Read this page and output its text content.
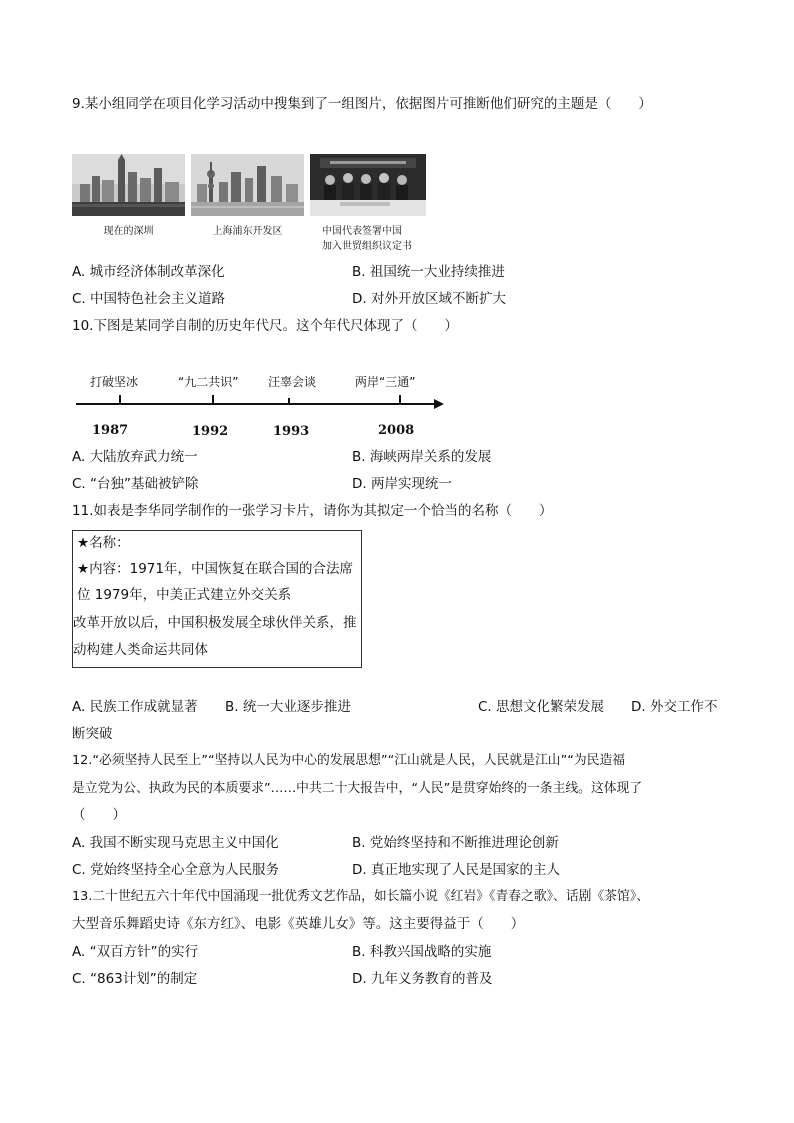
9.某小组同学在项目化学习活动中搜集到了一组图片，依据图片可推断他们研究的主题是（　　）
现在的深圳	上海浦东开发区	中国代表签署中国
加入世贸组织议定书
A. 城市经济体制改革深化	B. 祖国统一大业持续推进
C. 中国特色社会主义道路	D. 对外开放区域不断扩大
10.下图是某同学自制的历史年代尺。这个年代尺体现了（　　）
打破坚冰	“九二共识” 汪辜会谈	两岸“三通”
1987	1992	1993	2008
A. 大陆放弃武力统一	B. 海峡两岸关系的发展
C. “台独”基础被铲除	D. 两岸实现统一
11.如表是李华同学制作的一张学习卡片，请你为其拟定一个恰当的名称（　　）
★名称：
★内容：1971年，中国恢复在联合国的合法席
位 1979年，中美正式建立外交关系
改革开放以后，中国积极发展全球伙伴关系，推
动构建人类命运共同体
A. 民族工作成就显著 B. 统一大业逐步推进	C. 思想文化繁荣发展 D. 外交工作不
断突破
12.“必须坚持人民至上”“坚持以人民为中心的发展思想”“江山就是人民，人民就是江山”“为民造福
是立党为公、执政为民的本质要求”……中共二十大报告中，“人民”是贯穿始终的一条主线。这体现了
（　　）
A. 我国不断实现马克思主义中国化	B. 党始终坚持和不断推进理论创新
C. 党始终坚持全心全意为人民服务	D. 真正地实现了人民是国家的主人
13.二十世纪五六十年代中国涌现一批优秀文艺作品，如长篇小说《红岩》《青春之歌》、话剧《茶馆》、
大型音乐舞蹈史诗《东方红》、电影《英雄儿女》等。这主要得益于（　　）
A. “双百方针”的实行	B. 科教兴国战略的实施
C. “863计划”的制定	D. 九年义务教育的普及
